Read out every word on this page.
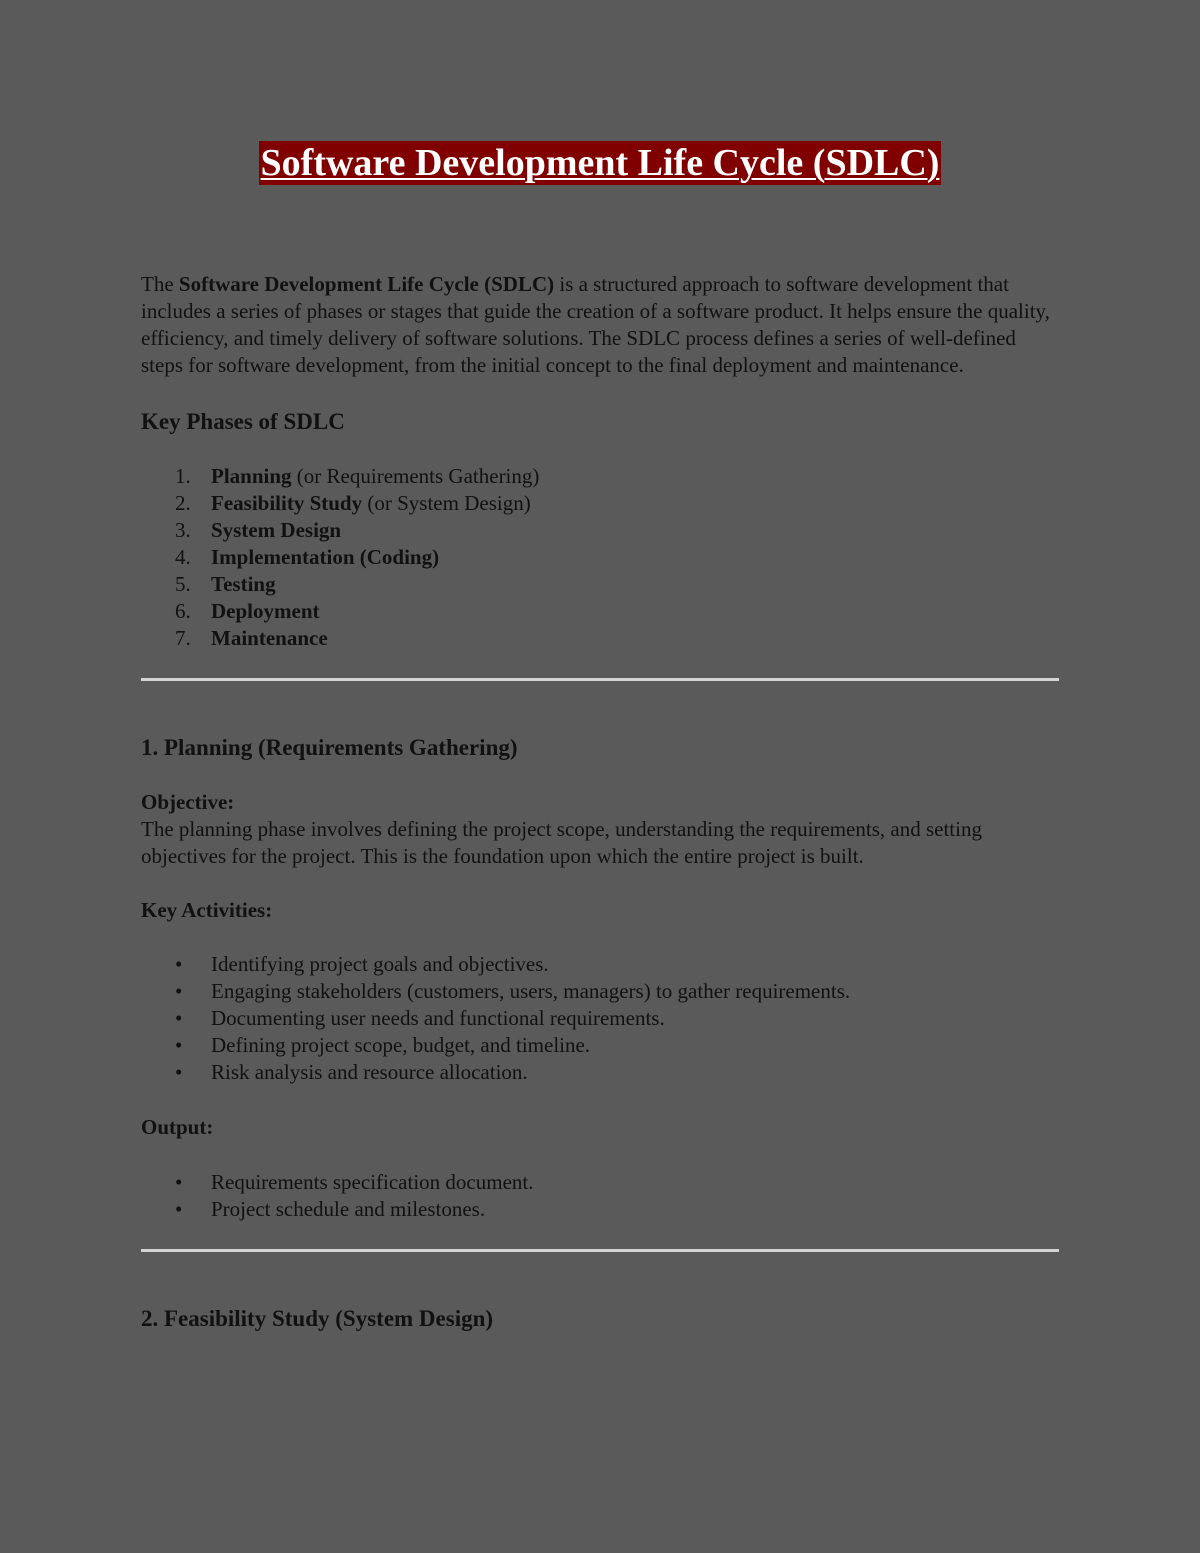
Software Development Life Cycle (SDLC)

The Software Development Life Cycle (SDLC) is a structured approach to software development that includes a series of phases or stages that guide the creation of a software product. It helps ensure the quality, efficiency, and timely delivery of software solutions. The SDLC process defines a series of well-defined steps for software development, from the initial concept to the final deployment and maintenance.

Key Phases of SDLC
1. Planning (or Requirements Gathering)
2. Feasibility Study (or System Design)
3. System Design
4. Implementation (Coding)
5. Testing
6. Deployment
7. Maintenance
1. Planning (Requirements Gathering)

Objective:

The planning phase involves defining the project scope, understanding the requirements, and setting objectives for the project. This is the foundation upon which the entire project is built.

Key Activities:

• Identifying project goals and objectives.
• Engaging stakeholders (customers, users, managers) to gather requirements.
• Documenting user needs and functional requirements.
• Defining project scope, budget, and timeline.
• Risk analysis and resource allocation.

Output:

• Requirements specification document.
• Project schedule and milestones.
2. Feasibility Study (System Design)
